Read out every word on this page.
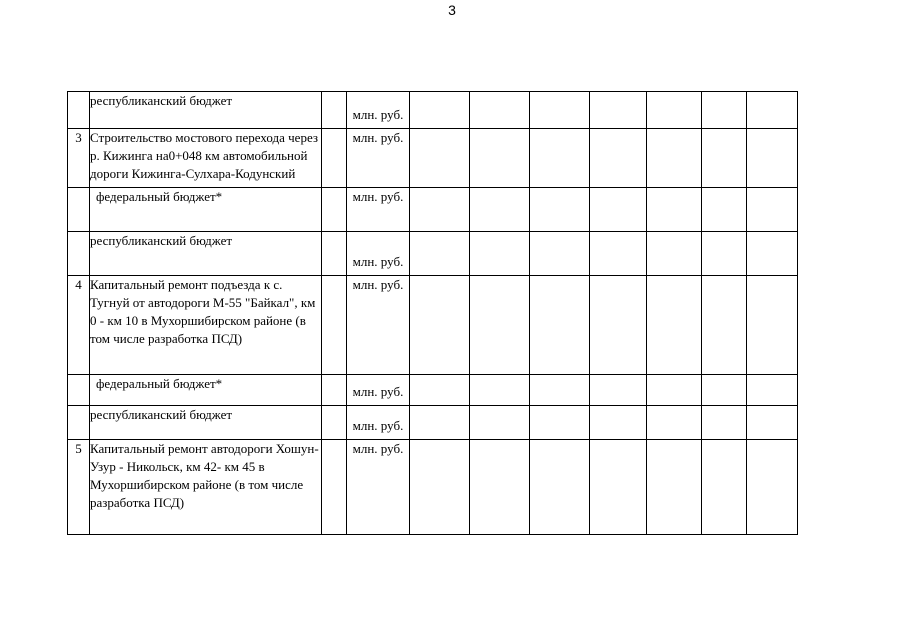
3
	республиканский бюджет		млн. руб.							
3	Строительство мостового перехода через р. Кижинга на0+048 км автомобильной дороги Кижинга-Сулхара-Кодунский		млн. руб.							
	федеральный бюджет*		млн. руб.							
	республиканский бюджет		млн. руб.							
4	Капитальный ремонт подъезда к с. Тугнуй от автодороги М-55 "Байкал", км 0 - км 10 в Мухоршибирском районе (в том числе разработка ПСД)		млн. руб.							
	федеральный бюджет*		млн. руб.							
	республиканский бюджет		млн. руб.							
5	Капитальный ремонт автодороги Хошун-Узур - Никольск, км 42- км 45 в Мухоршибирском районе (в том числе разработка ПСД)		млн. руб.							
